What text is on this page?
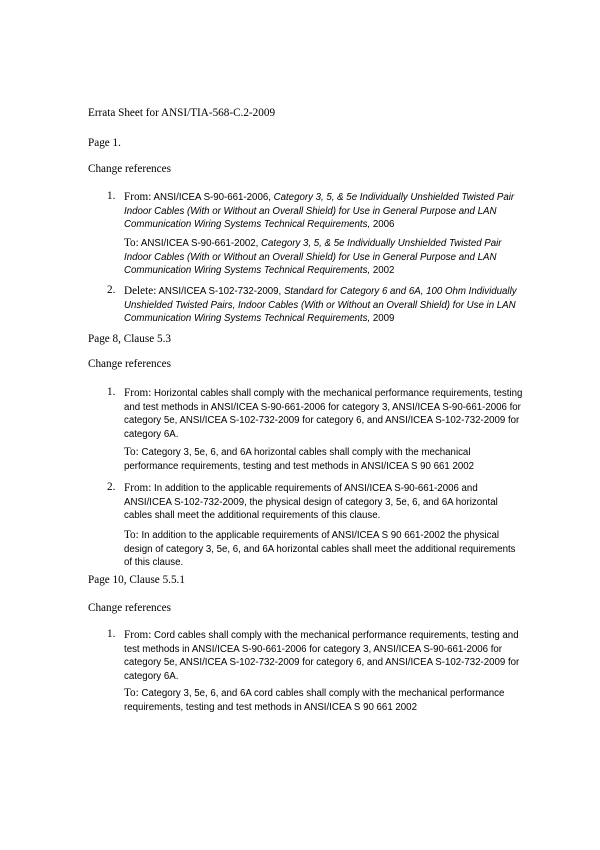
Errata Sheet for ANSI/TIA-568-C.2-2009

Page 1.

Change references

1. From: ANSI/ICEA S-90-661-2006, Category 3, 5, & 5e Individually Unshielded Twisted Pair Indoor Cables (With or Without an Overall Shield) for Use in General Purpose and LAN Communication Wiring Systems Technical Requirements, 2006
To: ANSI/ICEA S-90-661-2002, Category 3, 5, & 5e Individually Unshielded Twisted Pair Indoor Cables (With or Without an Overall Shield) for Use in General Purpose and LAN Communication Wiring Systems Technical Requirements, 2002
2. Delete: ANSI/ICEA S-102-732-2009, Standard for Category 6 and 6A, 100 Ohm Individually Unshielded Twisted Pairs, Indoor Cables (With or Without an Overall Shield) for Use in LAN Communication Wiring Systems Technical Requirements, 2009

Page 8, Clause 5.3

Change references

1. From: Horizontal cables shall comply with the mechanical performance requirements, testing and test methods in ANSI/ICEA S-90-661-2006 for category 3, ANSI/ICEA S-90-661-2006 for category 5e, ANSI/ICEA S-102-732-2009 for category 6, and ANSI/ICEA S-102-732-2009 for category 6A.
To: Category 3, 5e, 6, and 6A horizontal cables shall comply with the mechanical performance requirements, testing and test methods in ANSI/ICEA S 90 661 2002
2. From: In addition to the applicable requirements of ANSI/ICEA S-90-661-2006 and ANSI/ICEA S-102-732-2009, the physical design of category 3, 5e, 6, and 6A horizontal cables shall meet the additional requirements of this clause.
To: In addition to the applicable requirements of ANSI/ICEA S 90 661-2002 the physical design of category 3, 5e, 6, and 6A horizontal cables shall meet the additional requirements of this clause.

Page 10, Clause 5.5.1

Change references

1. From: Cord cables shall comply with the mechanical performance requirements, testing and test methods in ANSI/ICEA S-90-661-2006 for category 3, ANSI/ICEA S-90-661-2006 for category 5e, ANSI/ICEA S-102-732-2009 for category 6, and ANSI/ICEA S-102-732-2009 for category 6A.
To: Category 3, 5e, 6, and 6A cord cables shall comply with the mechanical performance requirements, testing and test methods in ANSI/ICEA S 90 661 2002
